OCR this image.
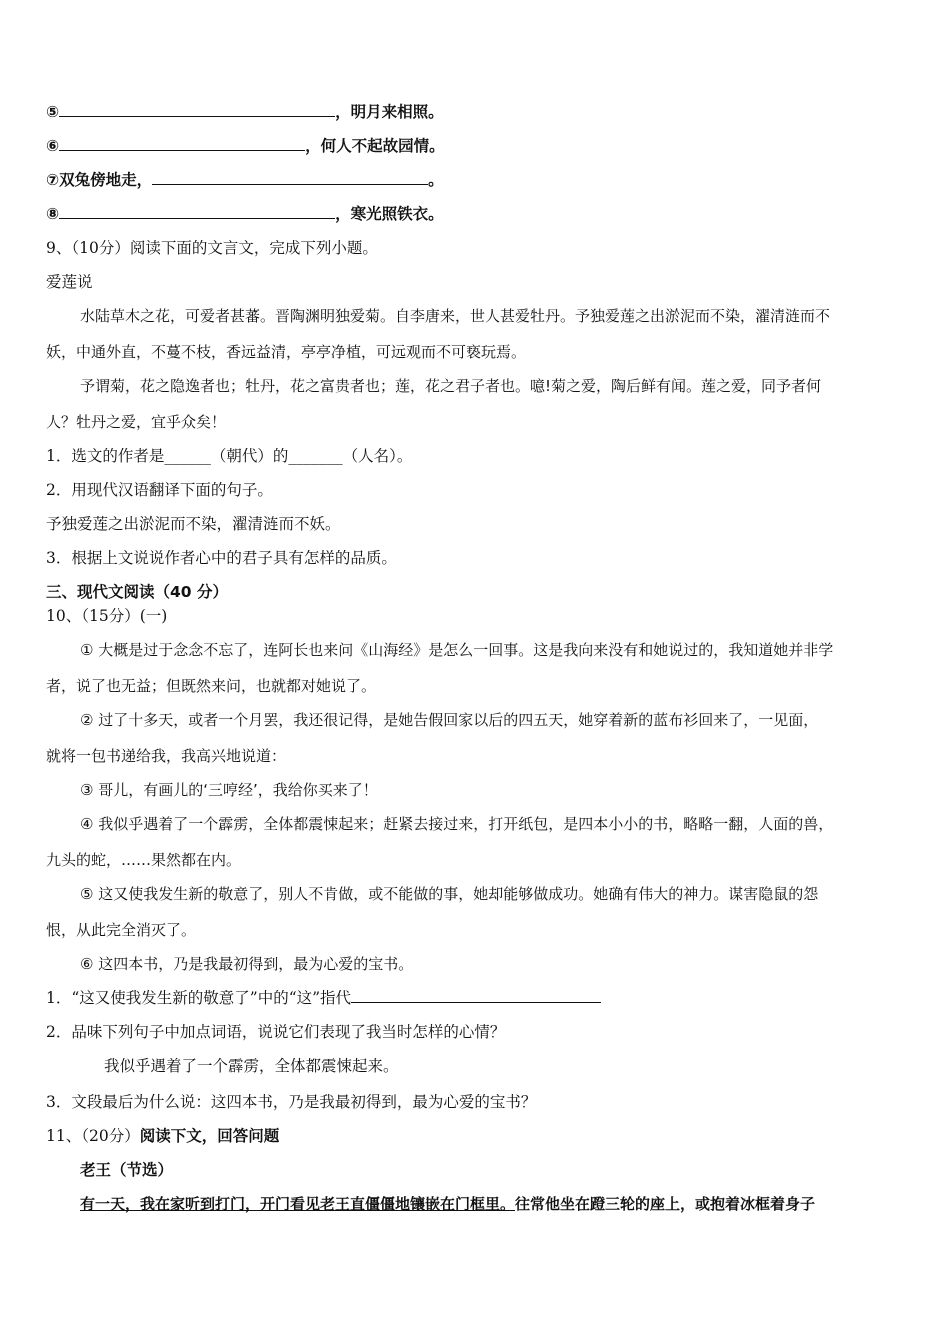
⑤	，明月来相照。
⑥	，何人不起故园情。
⑦双兔傍地走，	。
⑧	，寒光照铁衣。
9、（10分）阅读下面的文言文，完成下列小题。
爱莲说
水陆草木之花，可爱者甚蕃。晋陶渊明独爱菊。自李唐来，世人甚爱牡丹。予独爱莲之出淤泥而不染，濯清涟而不
妖，中通外直，不蔓不枝，香远益清，亭亭净植，可远观而不可亵玩焉。
予谓菊，花之隐逸者也；牡丹，花之富贵者也；莲，花之君子者也。噫!菊之爱，陶后鲜有闻。莲之爱，同予者何
人？牡丹之爱，宜乎众矣！
1．选文的作者是______（朝代）的_______（人名）。
2．用现代汉语翻译下面的句子。
予独爱莲之出淤泥而不染，濯清涟而不妖。
3．根据上文说说作者心中的君子具有怎样的品质。
三、现代文阅读（40 分）
10、（15分）(一)
① 大概是过于念念不忘了，连阿长也来问《山海经》是怎么一回事。这是我向来没有和她说过的，我知道她并非学
者，说了也无益；但既然来问，也就都对她说了。
② 过了十多天，或者一个月罢，我还很记得，是她告假回家以后的四五天，她穿着新的蓝布衫回来了，一见面，
就将一包书递给我，我高兴地说道：
③ 哥儿，有画儿的‘三哼经’，我给你买来了！
④ 我似乎遇着了一个霹雳，全体都震悚起来；赶紧去接过来，打开纸包，是四本小小的书，略略一翻，人面的兽，
九头的蛇，……果然都在内。
⑤ 这又使我发生新的敬意了，别人不肯做，或不能做的事，她却能够做成功。她确有伟大的神力。谋害隐鼠的怨
恨，从此完全消灭了。
⑥ 这四本书，乃是我最初得到，最为心爱的宝书。
1．“这又使我发生新的敬意了”中的“这”指代
2．品味下列句子中加点词语，说说它们表现了我当时怎样的心情？
我似乎遇着了一个霹雳，全体都震悚起来。
3．文段最后为什么说：这四本书，乃是我最初得到，最为心爱的宝书？
11、（20分）阅读下文，回答问题
老王（节选）
有一天，我在家听到打门，开门看见老王直僵僵地镶嵌在门框里。往常他坐在蹬三轮的座上，或抱着冰框着身子
